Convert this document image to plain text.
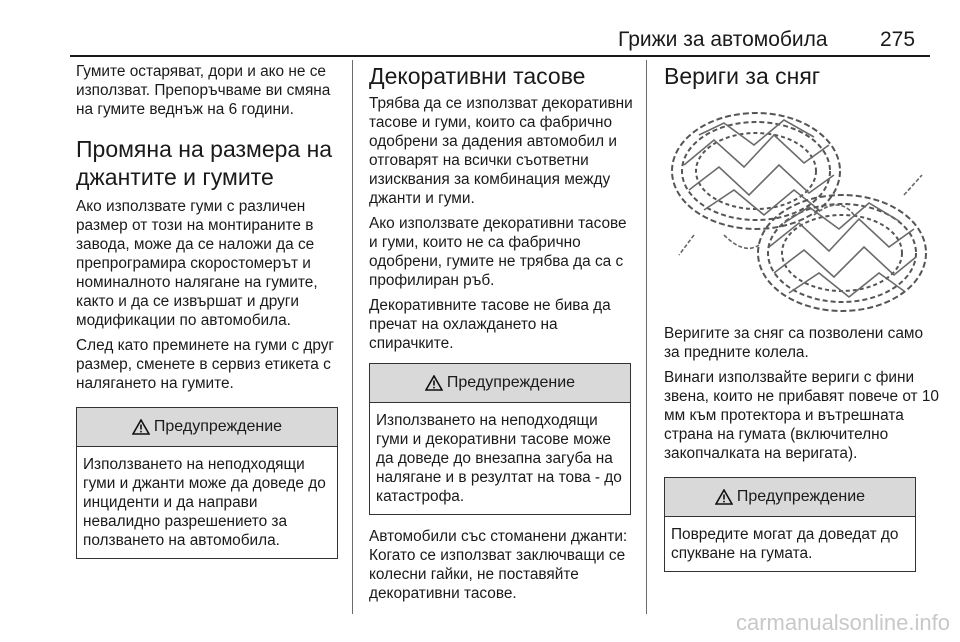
Грижи за автомобила 275

Гумите остаряват, дори и ако не се използват. Препоръчваме ви смяна на гумите веднъж на 6 години.

Промяна на размера на джантите и гумите

Ако използвате гуми с различен размер от този на монтираните в завода, може да се наложи да се препрограмира скоростомерът и номиналното налягане на гумите, както и да се извършат и други модификации по автомобила.

След като преминете на гуми с друг размер, сменете в сервиз етикета с налягането на гумите.

Предупреждение
Използването на неподходящи гуми и джанти може да доведе до инциденти и да направи невалидно разрешението за ползването на автомобила.
Декоративни тасове

Трябва да се използват декоративни тасове и гуми, които са фабрично одобрени за дадения автомобил и отговарят на всички съответни изисквания за комбинация между джанти и гуми.

Ако използвате декоративни тасове и гуми, които не са фабрично одобрени, гумите не трябва да са с профилиран ръб.

Декоративните тасове не бива да пречат на охлаждането на спирачките.

Предупреждение
Използването на неподходящи гуми и декоративни тасове може да доведе до внезапна загуба на налягане и в резултат на това - до катастрофа.

Автомобили със стоманени джанти: Когато се използват заключващи се колесни гайки, не поставяйте декоративни тасове.

Вериги за сняг

Веригите за сняг са позволени само за предните колела.

Винаги използвайте вериги с фини звена, които не прибавят повече от 10 мм към протектора и вътрешната страна на гумата (включително закопчалката на веригата).

Предупреждение
Повредите могат да доведат до спукване на гумата.
carmanualsonline.info
